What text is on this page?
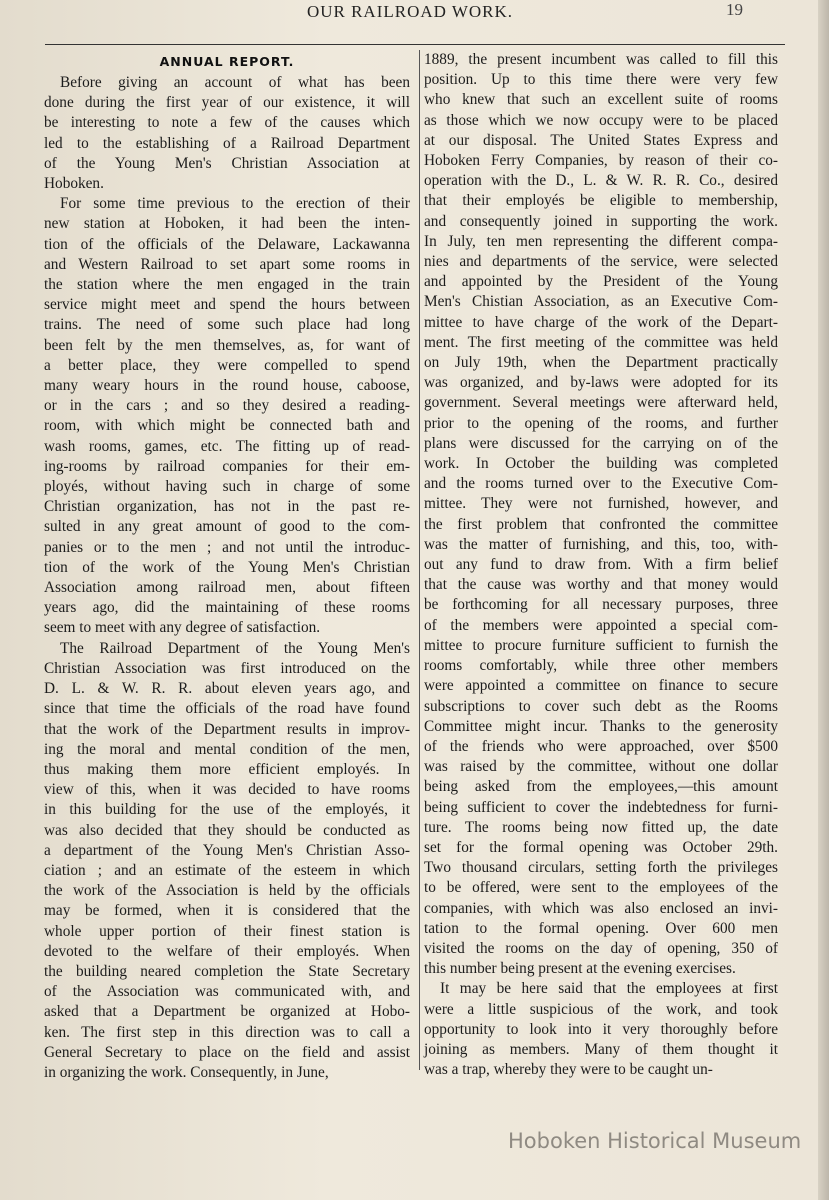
OUR RAILROAD WORK.	19
ANNUAL REPORT.

Before giving an account of what has been

done during the first year of our existence, it will

be interesting to note a few of the causes which

led to the establishing of a Railroad Department

of the Young Men's Christian Association at

Hoboken.

For some time previous to the erection of their

new station at Hoboken, it had been the inten-

tion of the officials of the Delaware, Lackawanna

and Western Railroad to set apart some rooms in

the station where the men engaged in the train

service might meet and spend the hours between

trains. The need of some such place had long

been felt by the men themselves, as, for want of

a better place, they were compelled to spend

many weary hours in the round house, caboose,

or in the cars ; and so they desired a reading-

room, with which might be connected bath and

wash rooms, games, etc. The fitting up of read-

ing-rooms by railroad companies for their em-

ployés, without having such in charge of some

Christian organization, has not in the past re-

sulted in any great amount of good to the com-

panies or to the men ; and not until the introduc-

tion of the work of the Young Men's Christian

Association among railroad men, about fifteen

years ago, did the maintaining of these rooms

seem to meet with any degree of satisfaction.

The Railroad Department of the Young Men's

Christian Association was first introduced on the

D. L. & W. R. R. about eleven years ago, and

since that time the officials of the road have found

that the work of the Department results in improv-

ing the moral and mental condition of the men,

thus making them more efficient employés. In

view of this, when it was decided to have rooms

in this building for the use of the employés, it

was also decided that they should be conducted as

a department of the Young Men's Christian Asso-

ciation ; and an estimate of the esteem in which

the work of the Association is held by the officials

may be formed, when it is considered that the

whole upper portion of their finest station is

devoted to the welfare of their employés. When

the building neared completion the State Secretary

of the Association was communicated with, and

asked that a Department be organized at Hobo-

ken. The first step in this direction was to call a

General Secretary to place on the field and assist

in organizing the work. Consequently, in June,

1889, the present incumbent was called to fill this

position. Up to this time there were very few

who knew that such an excellent suite of rooms

as those which we now occupy were to be placed

at our disposal. The United States Express and

Hoboken Ferry Companies, by reason of their co-

operation with the D., L. & W. R. R. Co., desired

that their employés be eligible to membership,

and consequently joined in supporting the work.

In July, ten men representing the different compa-

nies and departments of the service, were selected

and appointed by the President of the Young

Men's Chistian Association, as an Executive Com-

mittee to have charge of the work of the Depart-

ment. The first meeting of the committee was held

on July 19th, when the Department practically

was organized, and by-laws were adopted for its

government. Several meetings were afterward held,

prior to the opening of the rooms, and further

plans were discussed for the carrying on of the

work. In October the building was completed

and the rooms turned over to the Executive Com-

mittee. They were not furnished, however, and

the first problem that confronted the committee

was the matter of furnishing, and this, too, with-

out any fund to draw from. With a firm belief

that the cause was worthy and that money would

be forthcoming for all necessary purposes, three

of the members were appointed a special com-

mittee to procure furniture sufficient to furnish the

rooms comfortably, while three other members

were appointed a committee on finance to secure

subscriptions to cover such debt as the Rooms

Committee might incur. Thanks to the generosity

of the friends who were approached, over $500

was raised by the committee, without one dollar

being asked from the employees,—this amount

being sufficient to cover the indebtedness for furni-

ture. The rooms being now fitted up, the date

set for the formal opening was October 29th.

Two thousand circulars, setting forth the privileges

to be offered, were sent to the employees of the

companies, with which was also enclosed an invi-

tation to the formal opening. Over 600 men

visited the rooms on the day of opening, 350 of

this number being present at the evening exercises.

It may be here said that the employees at first

were a little suspicious of the work, and took

opportunity to look into it very thoroughly before

joining as members. Many of them thought it

was a trap, whereby they were to be caught un-

Hoboken Historical Museum
